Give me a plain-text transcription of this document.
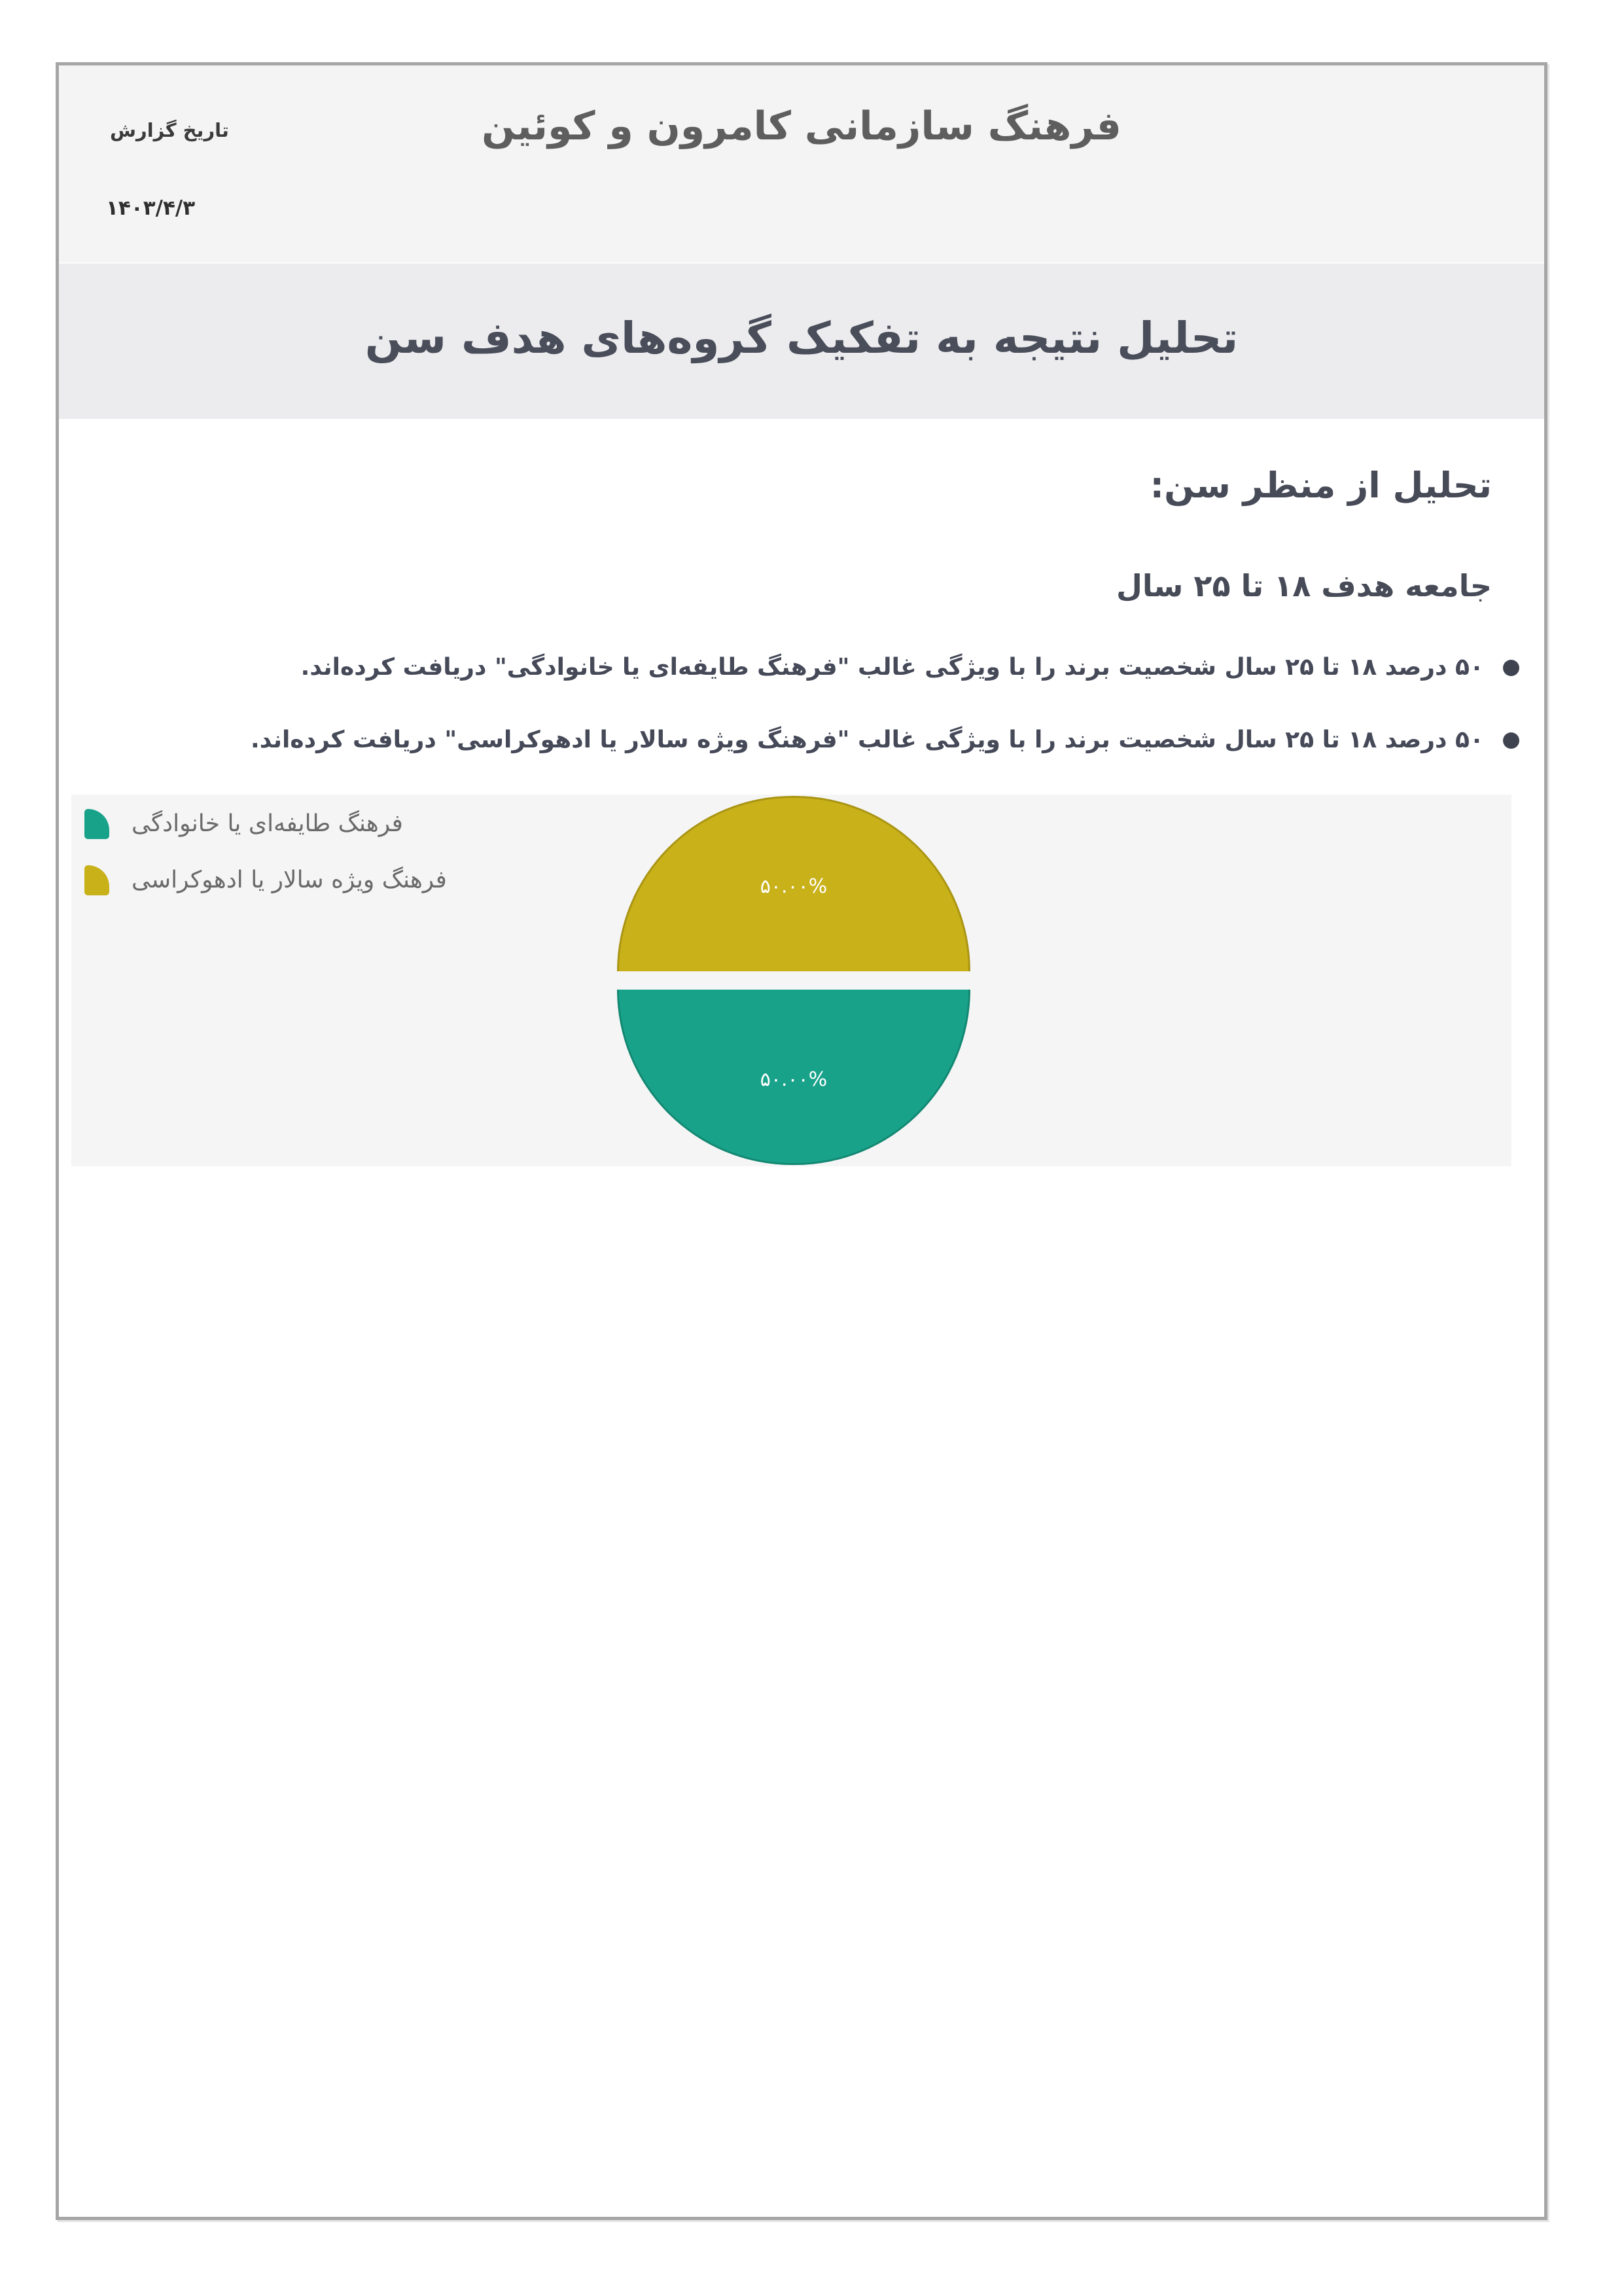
تاریخ گزارش
۱۴۰۳/۴/۳
فرهنگ سازمانی کامرون و کوئین
تحلیل نتیجه به تفکیک گروه‌های هدف سن
تحلیل از منظر سن:
جامعه هدف ۱۸ تا ۲۵ سال
۵۰ درصد ۱۸ تا ۲۵ سال شخصیت برند را با ویژگی غالب "فرهنگ طایفه‌ای یا خانوادگی" دریافت کرده‌اند.
۵۰ درصد ۱۸ تا ۲۵ سال شخصیت برند را با ویژگی غالب "فرهنگ ویژه سالار یا ادهوکراسی" دریافت کرده‌اند.
فرهنگ طایفه‌ای یا خانوادگی
فرهنگ ویژه سالار یا ادهوکراسی	۵۰.۰۰%
۵۰.۰۰%
